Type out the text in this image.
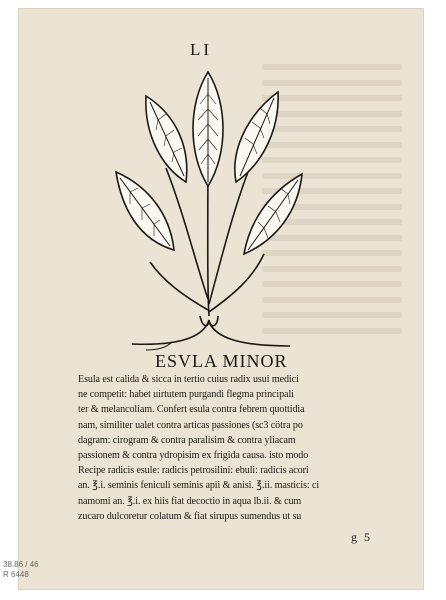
LI
ESVLA MINOR
Esula est calida & sicca in tertio cuius radix usui medici
ne competit: habet uirtutem purgandi flegma principali
ter & melancoliam. Confert esula contra febrem quottidia
nam, similiter ualet contra articas passiones (sc3 cötra po
dagram: cirogram & contra paralisim & contra yliacam
passionem & contra ydropisim ex frigida causa. isto modo
Recipe radicis esule: radicis petrosilini: ebuli: radicis acori
an. ℥.i. seminis feniculi seminis apii & anisi. ℥.ii. masticis: ci
namomi an. ℥.i. ex hiis fiat decoctio in aqua lb.ii. & cum
zucaro dulcoretur colatum & fiat sirupus sumendus ut su
g 5
38.86 / 46
R 6448
